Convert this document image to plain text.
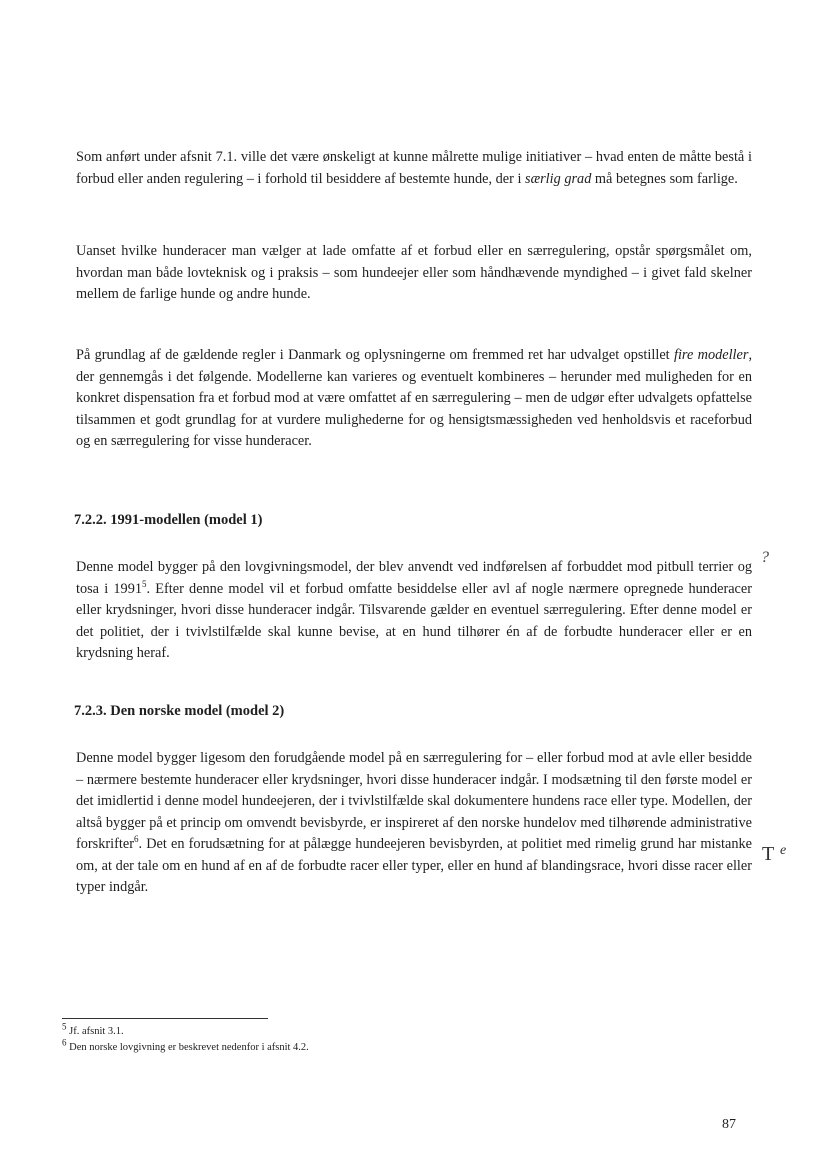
Som anført under afsnit 7.1. ville det være ønskeligt at kunne målrette mulige initiativer – hvad enten de måtte bestå i forbud eller anden regulering – i forhold til besiddere af bestemte hunde, der i særlig grad må betegnes som farlige.

Uanset hvilke hunderacer man vælger at lade omfatte af et forbud eller en særregulering, opstår spørgsmålet om, hvordan man både lovteknisk og i praksis – som hundeejer eller som håndhævende myndighed – i givet fald skelner mellem de farlige hunde og andre hunde.

På grundlag af de gældende regler i Danmark og oplysningerne om fremmed ret har udvalget opstillet fire modeller, der gennemgås i det følgende. Modellerne kan varieres og eventuelt kombineres – herunder med muligheden for en konkret dispensation fra et forbud mod at være omfattet af en særregulering – men de udgør efter udvalgets opfattelse tilsammen et godt grundlag for at vurdere mulighederne for og hensigtsmæssigheden ved henholdsvis et raceforbud og en særregulering for visse hunderacer.

7.2.2. 1991-modellen (model 1)

Denne model bygger på den lovgivningsmodel, der blev anvendt ved indførelsen af forbuddet mod pitbull terrier og tosa i 1991$^5$. Efter denne model vil et forbud omfatte besiddelse eller avl af nogle nærmere opregnede hunderacer eller krydsninger, hvori disse hunderacer indgår. Tilsvarende gælder en eventuel særregulering. Efter denne model er det politiet, der i tvivlstilfælde skal kunne bevise, at en hund tilhører én af de forbudte hunderacer eller er en krydsning heraf.

7.2.3. Den norske model (model 2)

Denne model bygger ligesom den forudgående model på en særregulering for – eller forbud mod at avle eller besidde – nærmere bestemte hunderacer eller krydsninger, hvori disse hunderacer indgår. I modsætning til den første model er det imidlertid i denne model hundeejeren, der i tvivlstilfælde skal dokumentere hundens race eller type. Modellen, der altså bygger på et princip om omvendt bevisbyrde, er inspireret af den norske hundelov med tilhørende administrative forskrifter$^6$. Det en forudsætning for at pålægge hundeejeren bevisbyrden, at politiet med rimelig grund har mistanke om, at der tale om en hund af en af de forbudte racer eller typer, eller en hund af blandingsrace, hvori disse racer eller typer indgår.

$^5$ Jf. afsnit 3.1.

$^6$ Den norske lovgivning er beskrevet nedenfor i afsnit 4.2.

87
?
T e
